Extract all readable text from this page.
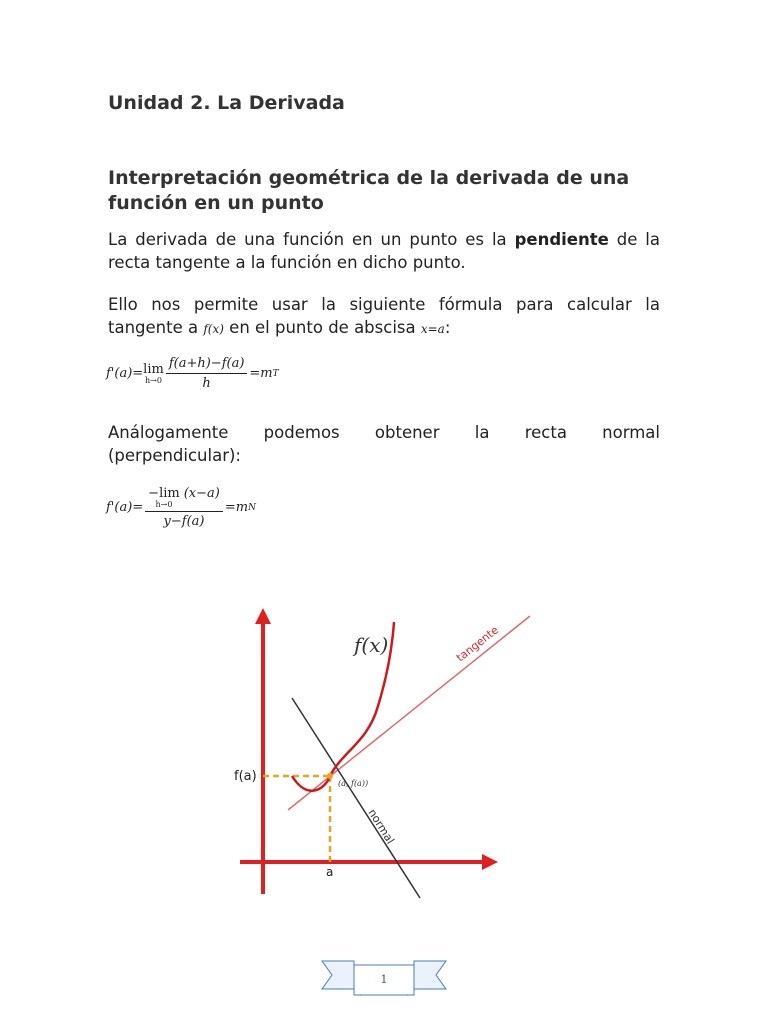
Unidad 2. La Derivada
Interpretación geométrica de la derivada de una función en un punto

La derivada de una función en un punto es la pendiente de la recta tangente a la función en dicho punto.

Ello nos permite usar la siguiente fórmula para calcular la tangente a f(x) en el punto de abscisa x=a:

f'(a)= lim
$h\to 0 \frac{f(a+h)-f(a)}{h} =m$ T

Análogamente podemos obtener la recta normal

(perpendicular):

f'(a)= −lim
h→0
(x−a)
y−f(a) =m N
f(x)	tangente
normal
f(a)
a
(a, f(a))
1
